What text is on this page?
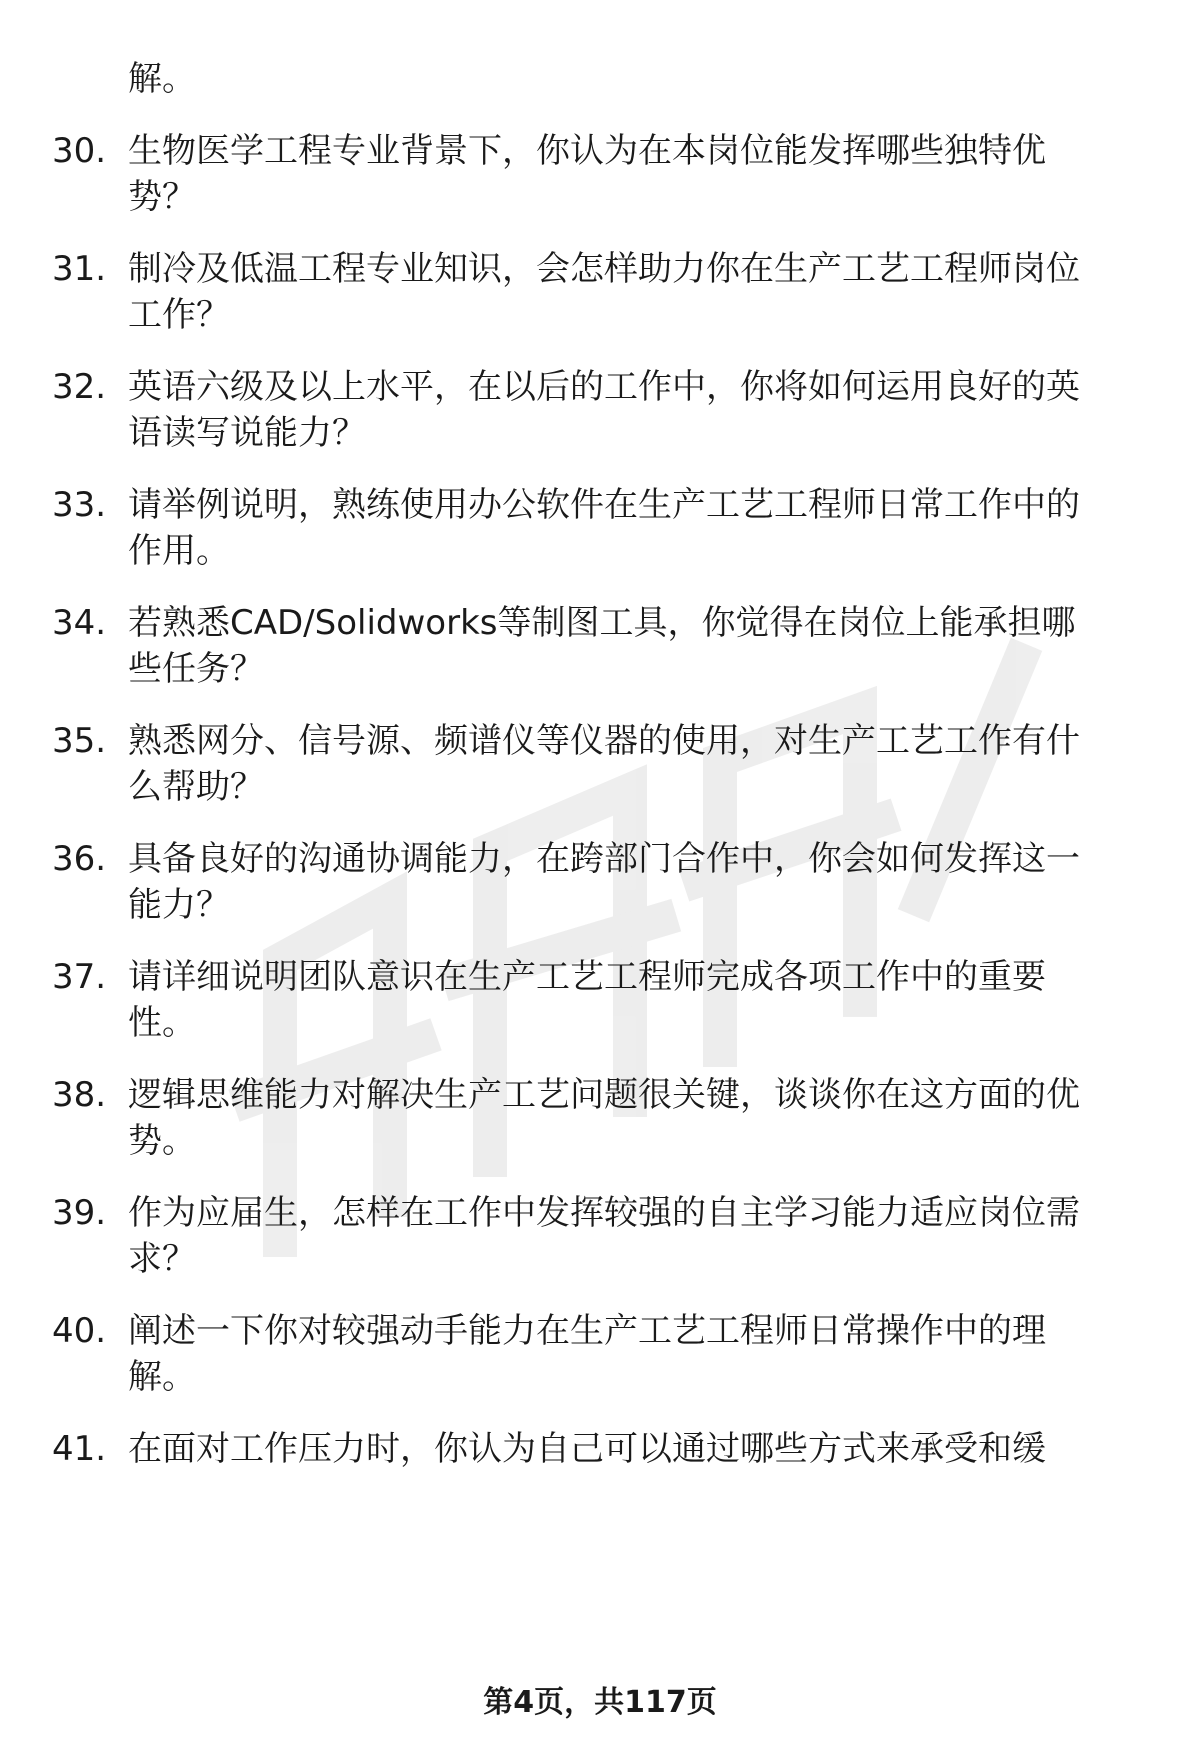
解。
30. 生物医学工程专业背景下，你认为在本岗位能发挥哪些独特优
势？
31. 制冷及低温工程专业知识，会怎样助力你在生产工艺工程师岗位
工作？
32. 英语六级及以上水平，在以后的工作中，你将如何运用良好的英
语读写说能力？
33. 请举例说明，熟练使用办公软件在生产工艺工程师日常工作中的
作用。
34. 若熟悉CAD/Solidworks等制图工具，你觉得在岗位上能承担哪
些任务？
35. 熟悉网分、信号源、频谱仪等仪器的使用，对生产工艺工作有什
么帮助？
36. 具备良好的沟通协调能力，在跨部门合作中，你会如何发挥这一
能力？
37. 请详细说明团队意识在生产工艺工程师完成各项工作中的重要
性。
38. 逻辑思维能力对解决生产工艺问题很关键，谈谈你在这方面的优
势。
39. 作为应届生，怎样在工作中发挥较强的自主学习能力适应岗位需
求？
40. 阐述一下你对较强动手能力在生产工艺工程师日常操作中的理
解。
41. 在面对工作压力时，你认为自己可以通过哪些方式来承受和缓
第4页，共117页
